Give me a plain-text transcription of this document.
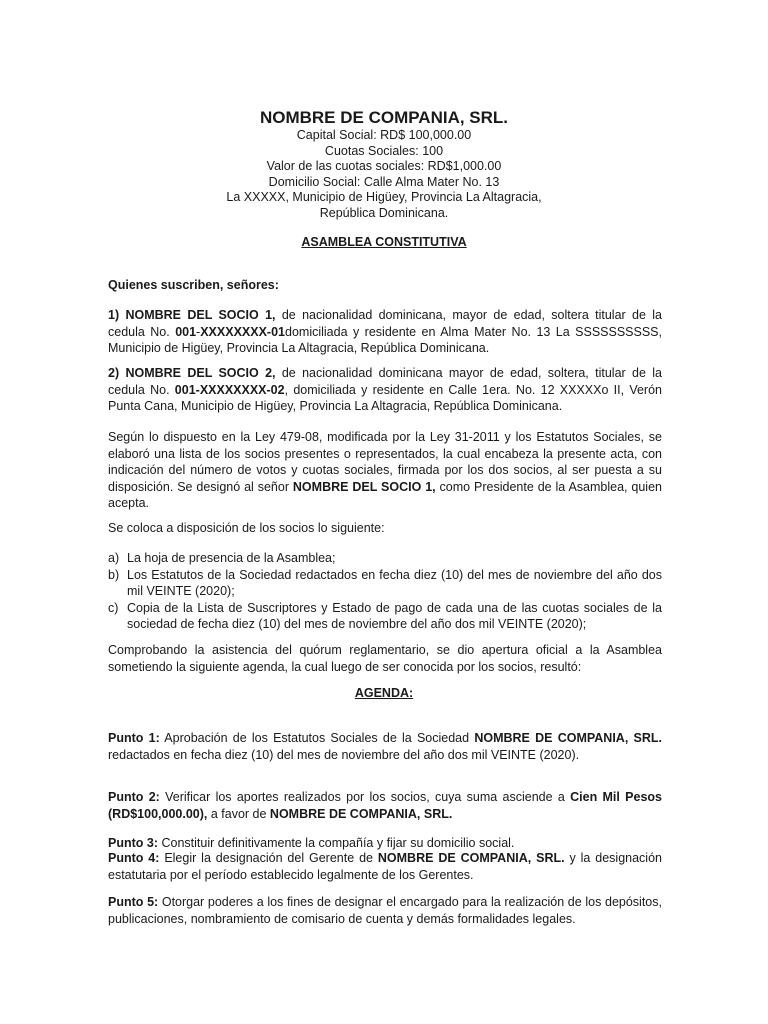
NOMBRE DE COMPANIA, SRL.
Capital Social: RD$ 100,000.00
Cuotas Sociales: 100
Valor de las cuotas sociales: RD$1,000.00
Domicilio Social: Calle Alma Mater No. 13
La XXXXX, Municipio de Higüey, Provincia La Altagracia,
República Dominicana.
ASAMBLEA CONSTITUTIVA
Quienes suscriben, señores:
1) NOMBRE DEL SOCIO 1, de nacionalidad dominicana, mayor de edad, soltera titular de la cedula No. 001-XXXXXXXX-01domiciliada y residente en Alma Mater No. 13 La SSSSSSSSSS, Municipio de Higüey, Provincia La Altagracia, República Dominicana.
2) NOMBRE DEL SOCIO 2, de nacionalidad dominicana mayor de edad, soltera, titular de la cedula No. 001-XXXXXXXX-02, domiciliada y residente en Calle 1era. No. 12 XXXXXo II, Verón Punta Cana, Municipio de Higüey, Provincia La Altagracia, República Dominicana.
Según lo dispuesto en la Ley 479-08, modificada por la Ley 31-2011 y los Estatutos Sociales, se elaboró una lista de los socios presentes o representados, la cual encabeza la presente acta, con indicación del número de votos y cuotas sociales, firmada por los dos socios, al ser puesta a su disposición. Se designó al señor NOMBRE DEL SOCIO 1, como Presidente de la Asamblea, quien acepta.
Se coloca a disposición de los socios lo siguiente:
a) La hoja de presencia de la Asamblea;
b) Los Estatutos de la Sociedad redactados en fecha diez (10) del mes de noviembre del año dos mil VEINTE (2020);
c) Copia de la Lista de Suscriptores y Estado de pago de cada una de las cuotas sociales de la sociedad de fecha diez (10) del mes de noviembre del año dos mil VEINTE (2020);
Comprobando la asistencia del quórum reglamentario, se dio apertura oficial a la Asamblea sometiendo la siguiente agenda, la cual luego de ser conocida por los socios, resultó:
AGENDA:
Punto 1: Aprobación de los Estatutos Sociales de la Sociedad NOMBRE DE COMPANIA, SRL. redactados en fecha diez (10) del mes de noviembre del año dos mil VEINTE (2020).
Punto 2: Verificar los aportes realizados por los socios, cuya suma asciende a Cien Mil Pesos (RD$100,000.00), a favor de NOMBRE DE COMPANIA, SRL.
Punto 3: Constituir definitivamente la compañía y fijar su domicilio social.
Punto 4: Elegir la designación del Gerente de NOMBRE DE COMPANIA, SRL. y la designación estatutaria por el período establecido legalmente de los Gerentes.
Punto 5: Otorgar poderes a los fines de designar el encargado para la realización de los depósitos, publicaciones, nombramiento de comisario de cuenta y demás formalidades legales.
